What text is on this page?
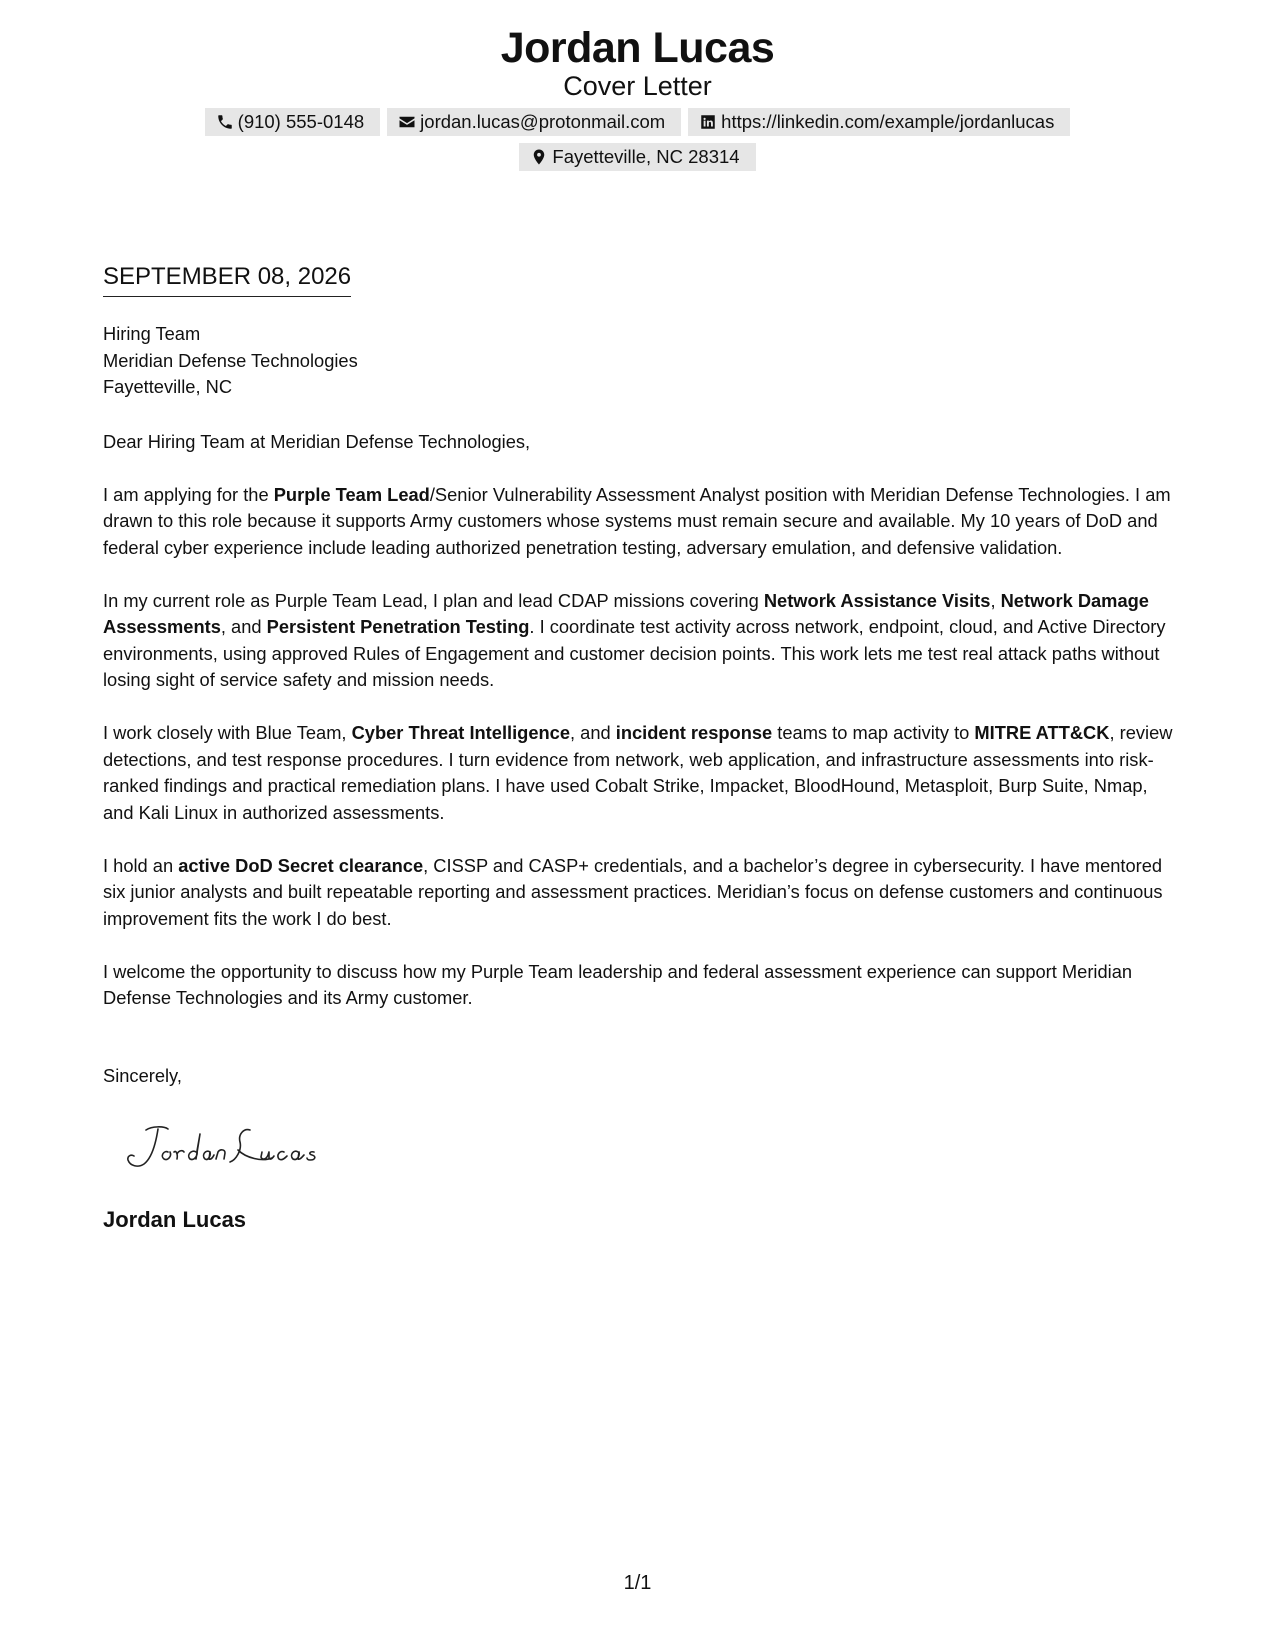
Jordan Lucas
Cover Letter
(910) 555-0148	jordan.lucas@protonmail.com	https://linkedin.com/example/jordanlucas
Fayetteville, NC 28314
SEPTEMBER 08, 2026
Hiring Team
Meridian Defense Technologies
Fayetteville, NC
Dear Hiring Team at Meridian Defense Technologies,

I am applying for the Purple Team Lead/Senior Vulnerability Assessment Analyst position with Meridian Defense Technologies. I am drawn to this role because it supports Army customers whose systems must remain secure and available. My 10 years of DoD and federal cyber experience include leading authorized penetration testing, adversary emulation, and defensive validation.

In my current role as Purple Team Lead, I plan and lead CDAP missions covering Network Assistance Visits, Network Damage Assessments, and Persistent Penetration Testing. I coordinate test activity across network, endpoint, cloud, and Active Directory environments, using approved Rules of Engagement and customer decision points. This work lets me test real attack paths without losing sight of service safety and mission needs.

I work closely with Blue Team, Cyber Threat Intelligence, and incident response teams to map activity to MITRE ATT&CK, review detections, and test response procedures. I turn evidence from network, web application, and infrastructure assessments into risk-ranked findings and practical remediation plans. I have used Cobalt Strike, Impacket, BloodHound, Metasploit, Burp Suite, Nmap, and Kali Linux in authorized assessments.

I hold an active DoD Secret clearance, CISSP and CASP+ credentials, and a bachelor’s degree in cybersecurity. I have mentored six junior analysts and built repeatable reporting and assessment practices. Meridian’s focus on defense customers and continuous improvement fits the work I do best.

I welcome the opportunity to discuss how my Purple Team leadership and federal assessment experience can support Meridian Defense Technologies and its Army customer.

Sincerely,
Jordan Lucas
1/1
